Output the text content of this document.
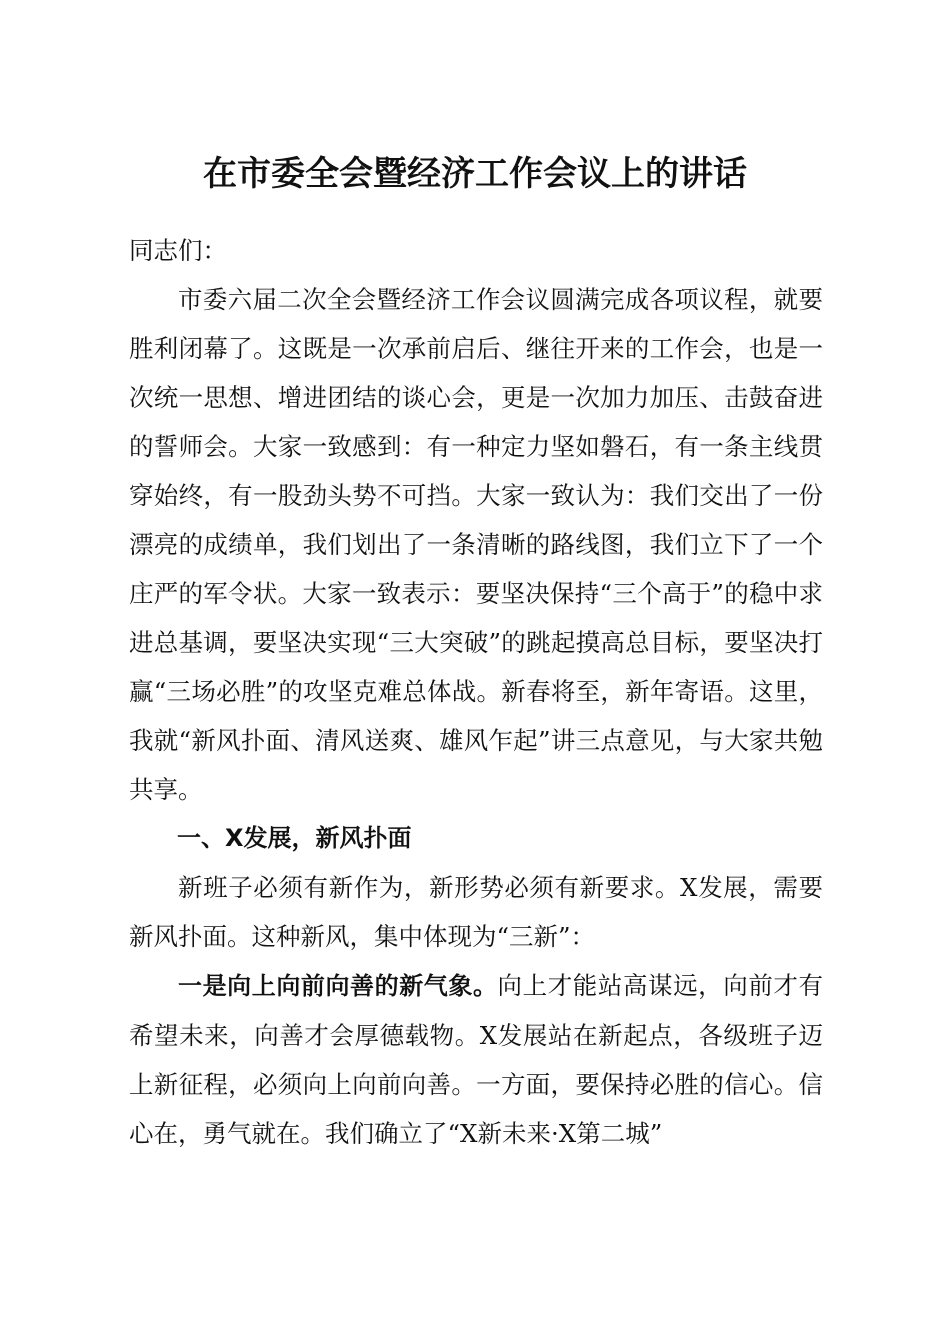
在市委全会暨经济工作会议上的讲话

同志们：

市委六届二次全会暨经济工作会议圆满完成各项议程，就要胜利闭幕了。这既是一次承前启后、继往开来的工作会，也是一次统一思想、增进团结的谈心会，更是一次加力加压、击鼓奋进的誓师会。大家一致感到：有一种定力坚如磐石，有一条主线贯穿始终，有一股劲头势不可挡。大家一致认为：我们交出了一份漂亮的成绩单，我们划出了一条清晰的路线图，我们立下了一个庄严的军令状。大家一致表示：要坚决保持“三个高于”的稳中求进总基调，要坚决实现“三大突破”的跳起摸高总目标，要坚决打赢“三场必胜”的攻坚克难总体战。新春将至，新年寄语。这里，我就“新风扑面、清风送爽、雄风乍起”讲三点意见，与大家共勉共享。

一、X发展，新风扑面

新班子必须有新作为，新形势必须有新要求。X发展，需要新风扑面。这种新风，集中体现为“三新”：

一是向上向前向善的新气象。向上才能站高谋远，向前才有希望未来，向善才会厚德载物。X发展站在新起点，各级班子迈上新征程，必须向上向前向善。一方面，要保持必胜的信心。信心在，勇气就在。我们确立了“X新未来·X第二城”
